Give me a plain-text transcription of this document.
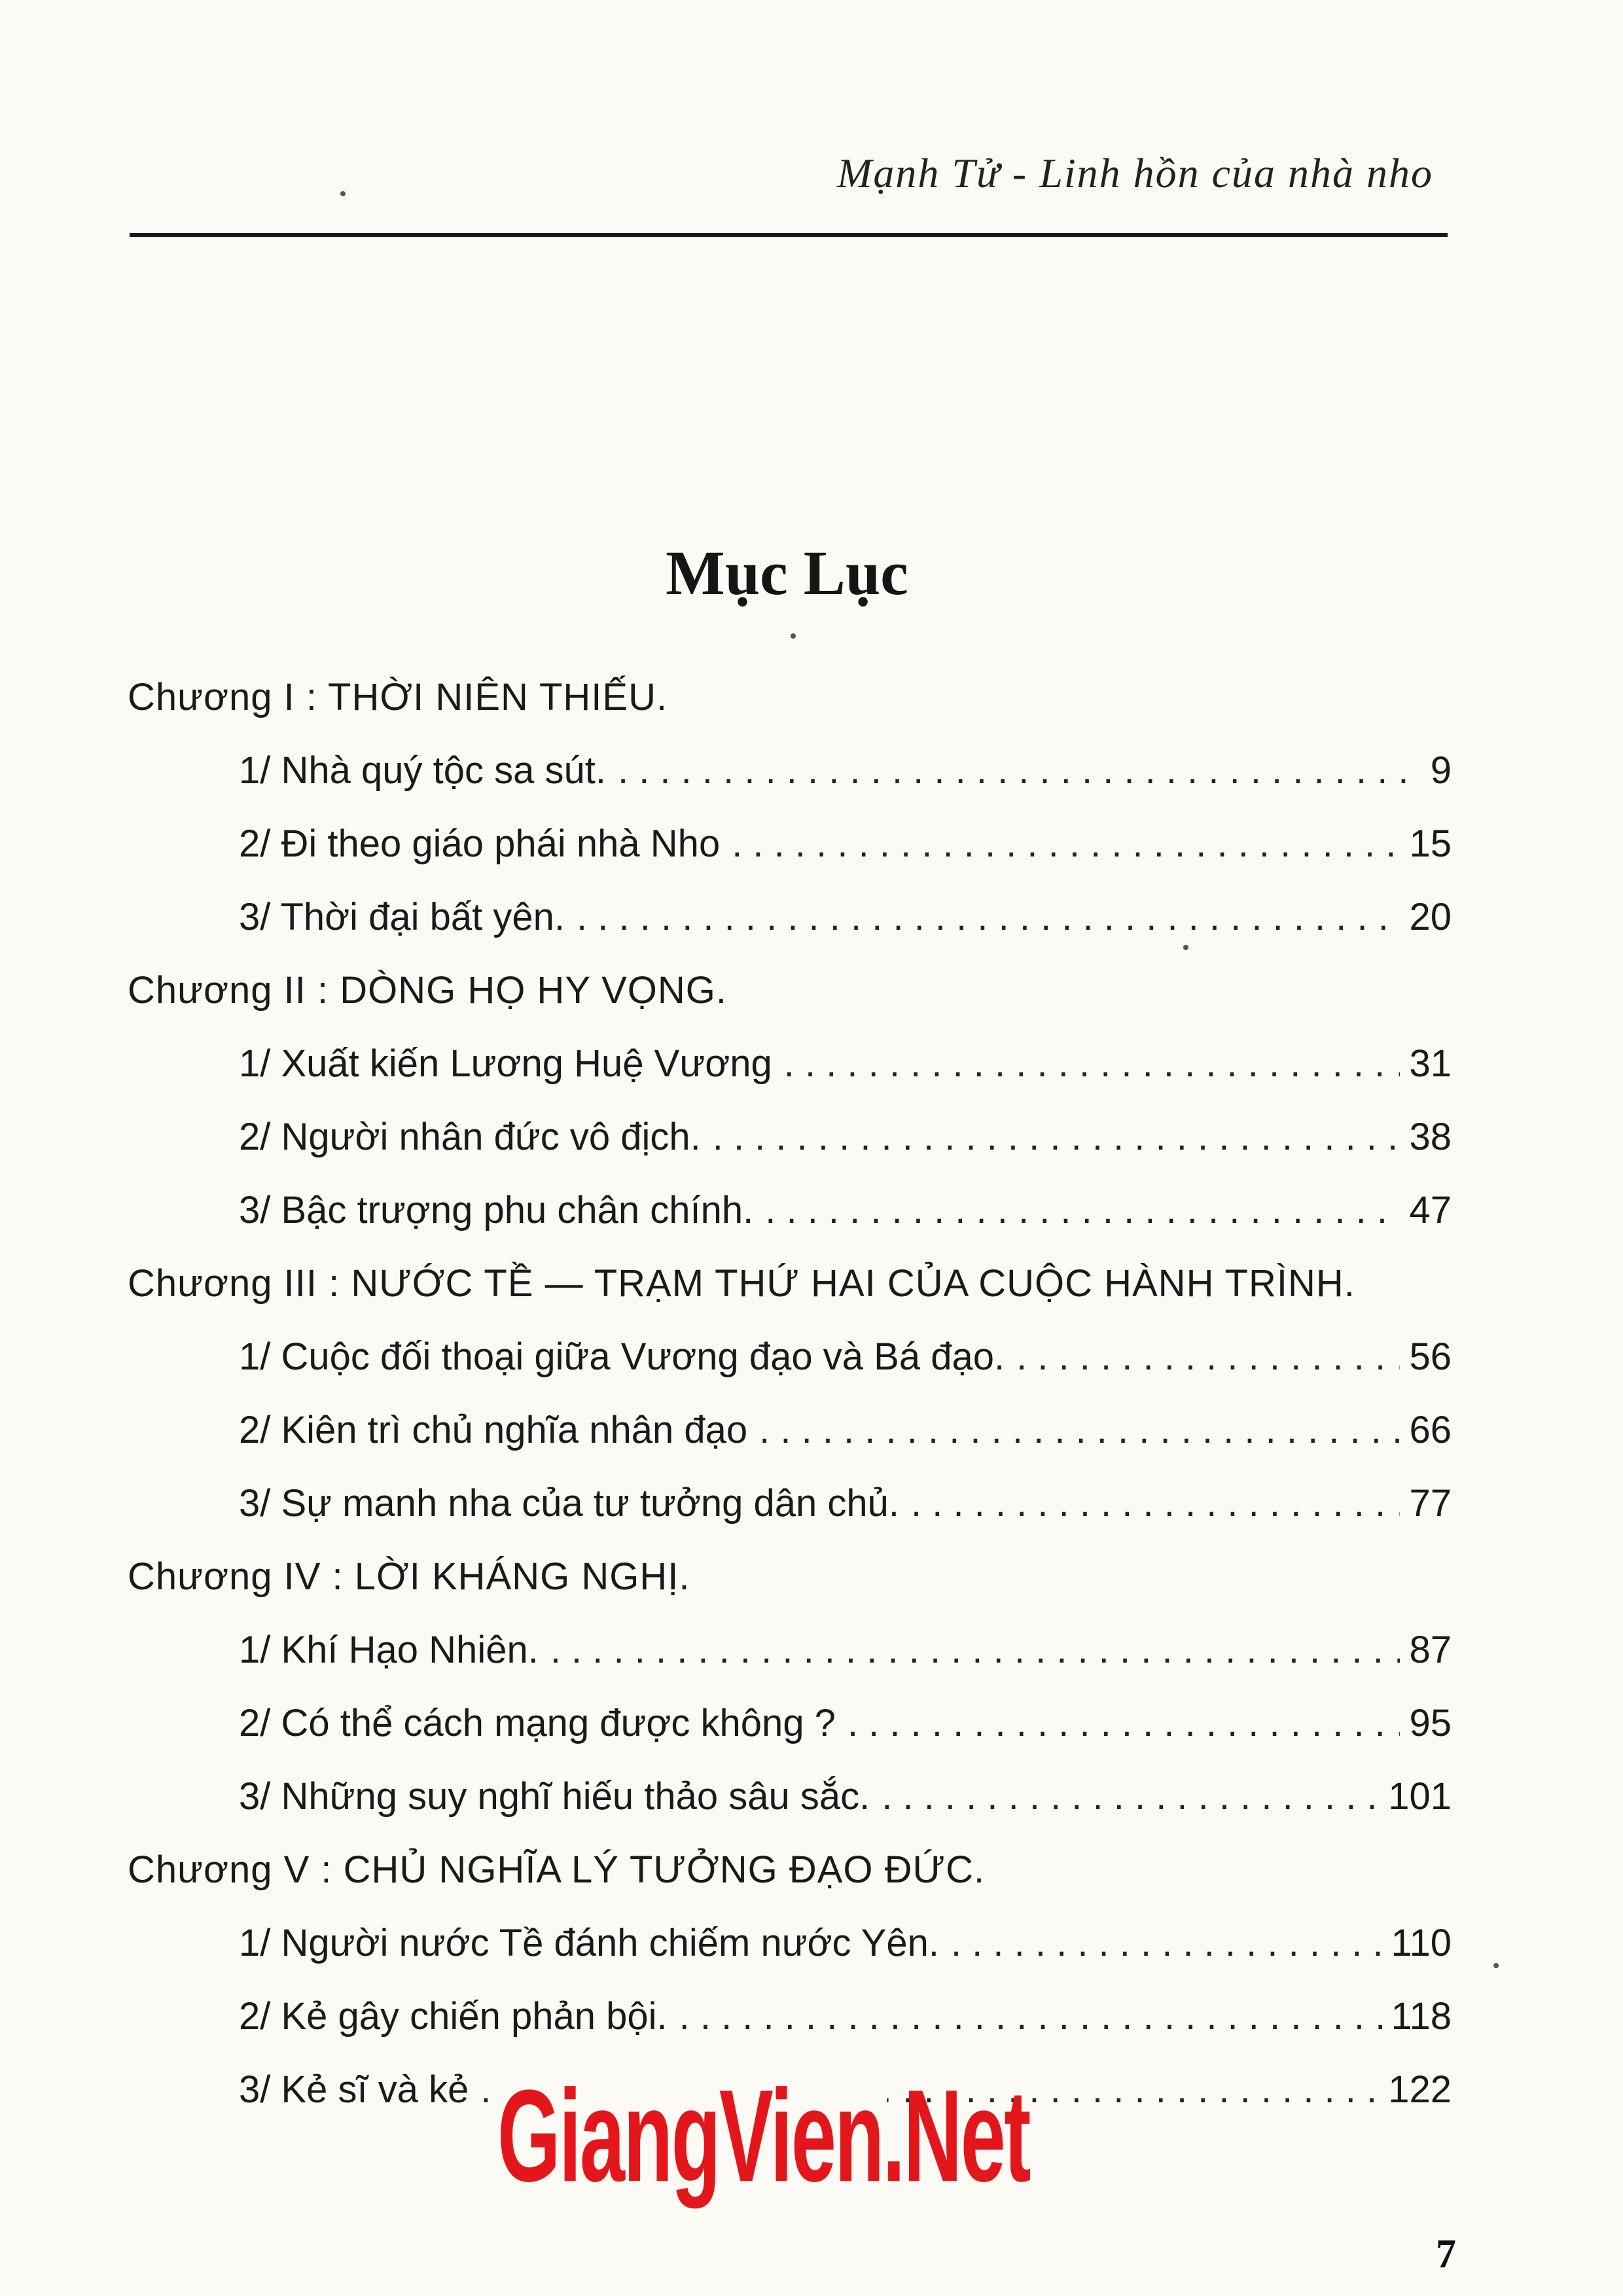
Mạnh Tử - Linh hồn của nhà nho
Mục Lục
Chương I : THỜI NIÊN THIẾU.
1/ Nhà quý tộc sa sút. . . .	9
2/ Đi theo giáo phái nhà Nho . . .	15
3/ Thời đại bất yên. . . .	20
Chương II : DÒNG HỌ HY VỌNG.
1/ Xuất kiến Lương Huệ Vương . . .	31
2/ Người nhân đức vô địch. . . .	38
3/ Bậc trượng phu chân chính. . . .	47
Chương III : NƯỚC TỀ — TRẠM THỨ HAI CỦA CUỘC HÀNH TRÌNH.
1/ Cuộc đối thoại giữa Vương đạo và Bá đạo. . . .	56
2/ Kiên trì chủ nghĩa nhân đạo . . .	66
3/ Sự manh nha của tư tưởng dân chủ. . . .	77
Chương IV : LỜI KHÁNG NGHỊ.
1/ Khí Hạo Nhiên. . . .	87
2/ Có thể cách mạng được không ? . . .	95
3/ Những suy nghĩ hiếu thảo sâu sắc. . . .	101
Chương V : CHỦ NGHĨA LÝ TƯỞNG ĐẠO ĐỨC.
1/ Người nước Tề đánh chiếm nước Yên. . . .	110
2/ Kẻ gây chiến phản bội. . . .	118
3/ Kẻ sĩ và kẻ . . .	122
GiangVien.Net
7
